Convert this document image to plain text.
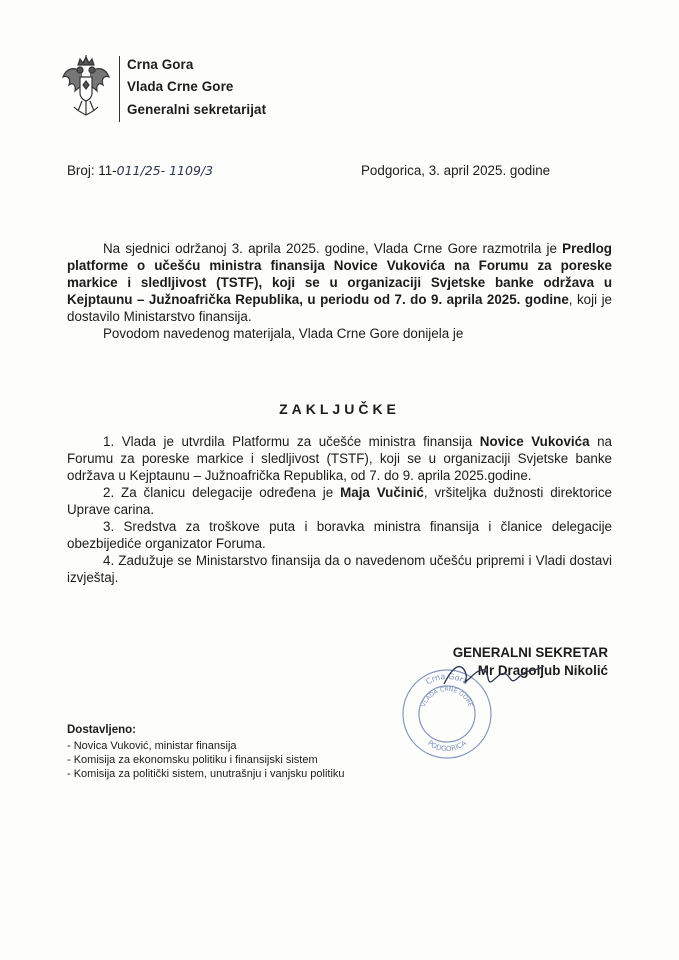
Crna Gora
Vlada Crne Gore
Generalni sekretarijat
Broj: 11-011/25- 1109/3	Podgorica, 3. april 2025. godine

Na sjednici održanoj 3. aprila 2025. godine, Vlada Crne Gore razmotrila je Predlog platforme o učešću ministra finansija Novice Vukovića na Forumu za poreske markice i sledljivost (TSTF), koji se u organizaciji Svjetske banke održava u Kejptaunu – Južnoafrička Republika, u periodu od 7. do 9. aprila 2025. godine, koji je dostavilo Ministarstvo finansija.

Povodom navedenog materijala, Vlada Crne Gore donijela je

ZAKLJUČKE

1. Vlada je utvrdila Platformu za učešće ministra finansija Novice Vukovića na Forumu za poreske markice i sledljivost (TSTF), koji se u organizaciji Svjetske banke održava u Kejptaunu – Južnoafrička Republika, od 7. do 9. aprila 2025.godine.

2. Za članicu delegacije određena je Maja Vučinić, vršiteljka dužnosti direktorice Uprave carina.

3. Sredstva za troškove puta i boravka ministra finansija i članice delegacije obezbijediće organizator Foruma.

4. Zadužuje se Ministarstvo finansija da o navedenom učešću pripremi i Vladi dostavi izvještaj.

Crna Gora
VLADA CRNE GORE
PODGORICA
GENERALNI SEKRETAR
Mr Dragoljub Nikolić
Dostavljeno:
- Novica Vuković, ministar finansija
- Komisija za ekonomsku politiku i finansijski sistem
- Komisija za politički sistem, unutrašnju i vanjsku politiku
